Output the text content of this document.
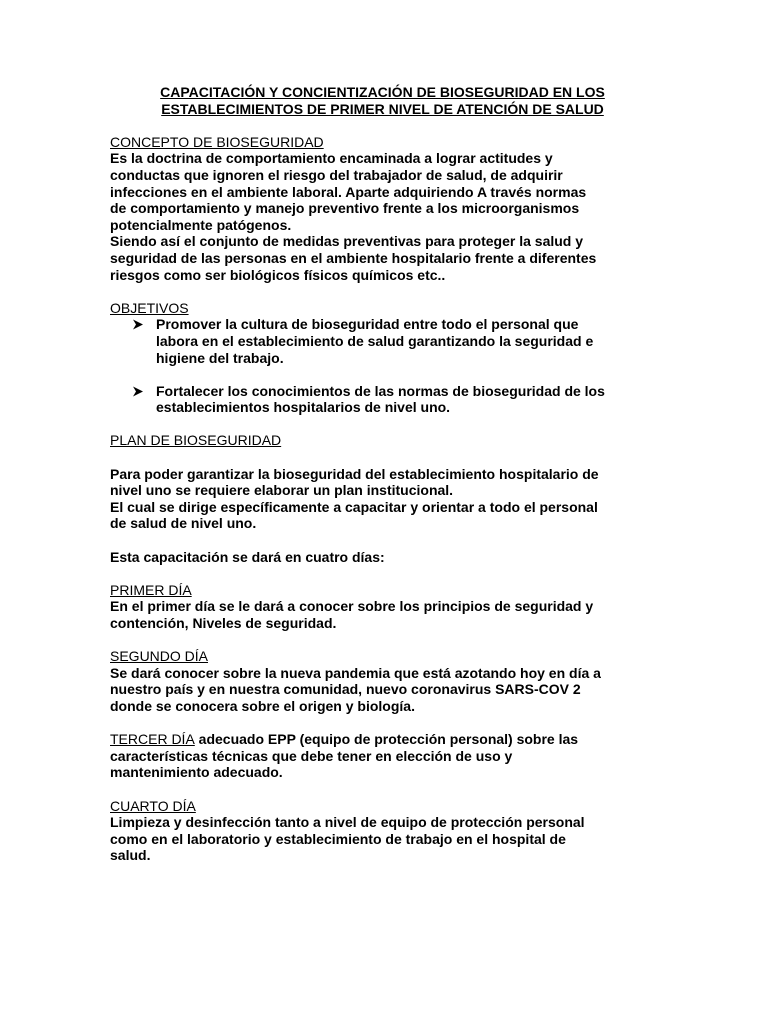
CAPACITACIÓN Y CONCIENTIZACIÓN DE BIOSEGURIDAD EN LOS
ESTABLECIMIENTOS DE PRIMER NIVEL DE ATENCIÓN DE SALUD
CONCEPTO DE BIOSEGURIDAD

Es la doctrina de comportamiento encaminada a lograr actitudes y
conductas que ignoren el riesgo del trabajador de salud, de adquirir
infecciones en el ambiente laboral. Aparte adquiriendo A través normas
de comportamiento y manejo preventivo frente a los microorganismos
potencialmente patógenos.
Siendo así el conjunto de medidas preventivas para proteger la salud y
seguridad de las personas en el ambiente hospitalario frente a diferentes
riesgos como ser biológicos físicos químicos etc..

OBJETIVOS
Promover la cultura de bioseguridad entre todo el personal que
labora en el establecimiento de salud garantizando la seguridad e
higiene del trabajo.
Fortalecer los conocimientos de las normas de bioseguridad de los
establecimientos hospitalarios de nivel uno.
PLAN DE BIOSEGURIDAD

Para poder garantizar la bioseguridad del establecimiento hospitalario de
nivel uno se requiere elaborar un plan institucional.
El cual se dirige específicamente a capacitar y orientar a todo el personal
de salud de nivel uno.

Esta capacitación se dará en cuatro días:

PRIMER DÍA

En el primer día se le dará a conocer sobre los principios de seguridad y
contención, Niveles de seguridad.

SEGUNDO DÍA

Se dará conocer sobre la nueva pandemia que está azotando hoy en día a
nuestro país y en nuestra comunidad, nuevo coronavirus SARS-COV 2
donde se conocera sobre el origen y biología.

TERCER DÍA adecuado EPP (equipo de protección personal) sobre las
características técnicas que debe tener en elección de uso y
mantenimiento adecuado.

CUARTO DÍA

Limpieza y desinfección tanto a nivel de equipo de protección personal
como en el laboratorio y establecimiento de trabajo en el hospital de
salud.
